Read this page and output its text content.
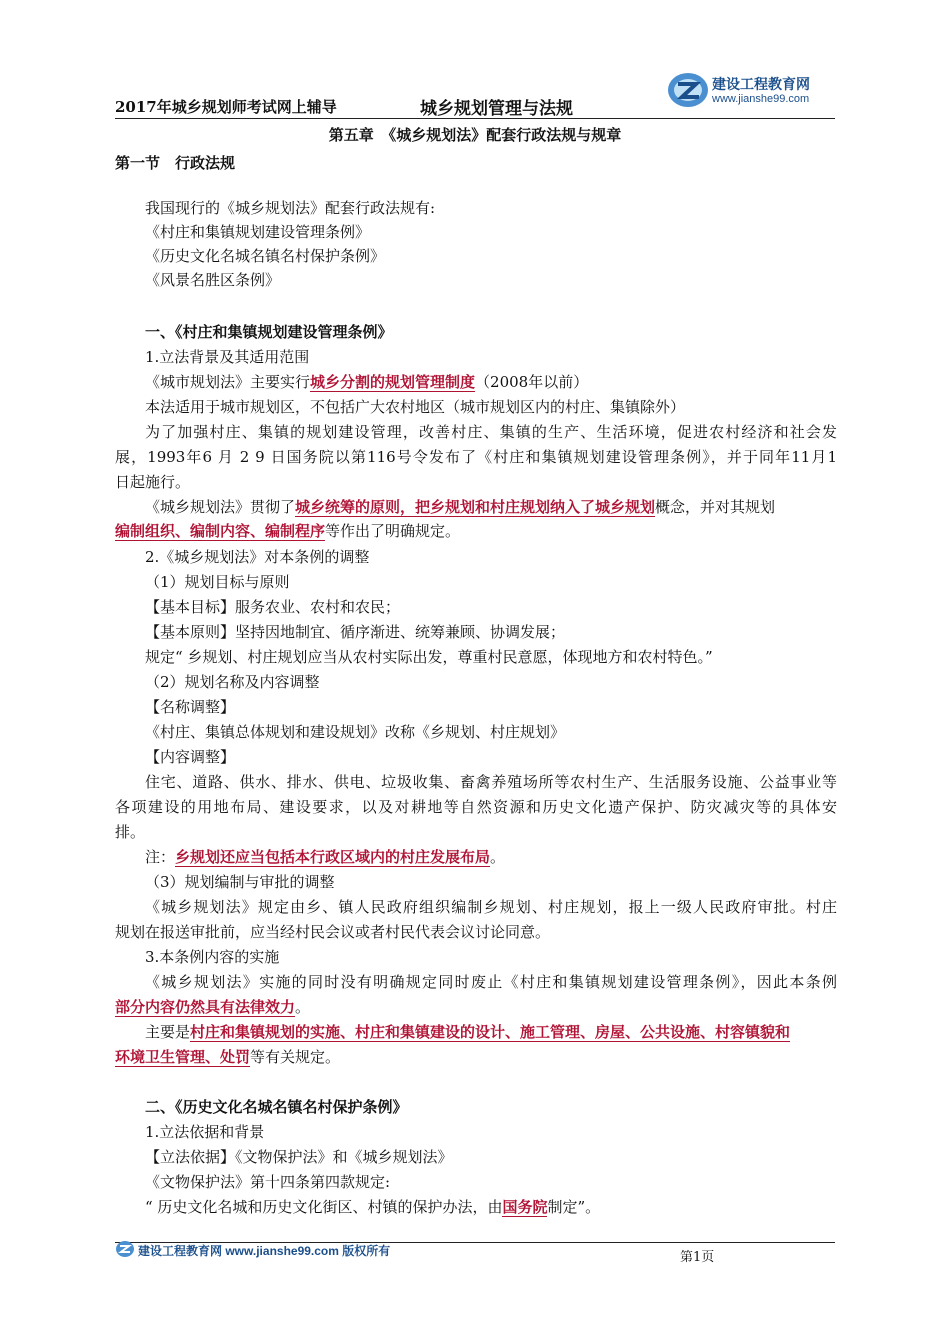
2017年城乡规划师考试网上辅导	城乡规划管理与法规
建设工程教育网
www.jianshe99.com
第五章　《城乡规划法》配套行政法规与规章
第一节　行政法规
我国现行的《城乡规划法》配套行政法规有:
《村庄和集镇规划建设管理条例》
《历史文化名城名镇名村保护条例》
《风景名胜区条例》
一、《村庄和集镇规划建设管理条例》
1.立法背景及其适用范围
《城市规划法》主要实行城乡分割的规划管理制度（2008年以前）
本法适用于城市规划区，不包括广大农村地区（城市规划区内的村庄、集镇除外）
为了加强村庄、集镇的规划建设管理，改善村庄、集镇的生产、生活环境，促进农村经济和社会发
展，1993年6 月 2 9 日国务院以第116号令发布了《村庄和集镇规划建设管理条例》，并于同年11月1
日起施行。
《城乡规划法》贯彻了城乡统筹的原则，把乡规划和村庄规划纳入了城乡规划概念，并对其规划
编制组织、编制内容、编制程序等作出了明确规定。
2.《城乡规划法》对本条例的调整
（1）规划目标与原则
【基本目标】服务农业、农村和农民；
【基本原则】坚持因地制宜、循序渐进、统筹兼顾、协调发展；
规定“ 乡规划、村庄规划应当从农村实际出发，尊重村民意愿，体现地方和农村特色。”
（2）规划名称及内容调整
【名称调整】
《村庄、集镇总体规划和建设规划》改称《乡规划、村庄规划》
【内容调整】
住宅、道路、供水、排水、供电、垃圾收集、畜禽养殖场所等农村生产、生活服务设施、公益事业等
各项建设的用地布局、建设要求，以及对耕地等自然资源和历史文化遗产保护、防灾减灾等的具体安
排。
注：乡规划还应当包括本行政区域内的村庄发展布局。
（3）规划编制与审批的调整
《城乡规划法》规定由乡、镇人民政府组织编制乡规划、村庄规划，报上一级人民政府审批。村庄
规划在报送审批前，应当经村民会议或者村民代表会议讨论同意。
3.本条例内容的实施
《城乡规划法》实施的同时没有明确规定同时废止《村庄和集镇规划建设管理条例》，因此本条例
部分内容仍然具有法律效力。
主要是村庄和集镇规划的实施、村庄和集镇建设的设计、施工管理、房屋、公共设施、村容镇貌和
环境卫生管理、处罚等有关规定。
二、《历史文化名城名镇名村保护条例》
1.立法依据和背景
【立法依据】《文物保护法》和《城乡规划法》
《文物保护法》第十四条第四款规定:
“ 历史文化名城和历史文化街区、村镇的保护办法，由国务院制定”。
建设工程教育网 www.jianshe99.com 版权所有	第1页
